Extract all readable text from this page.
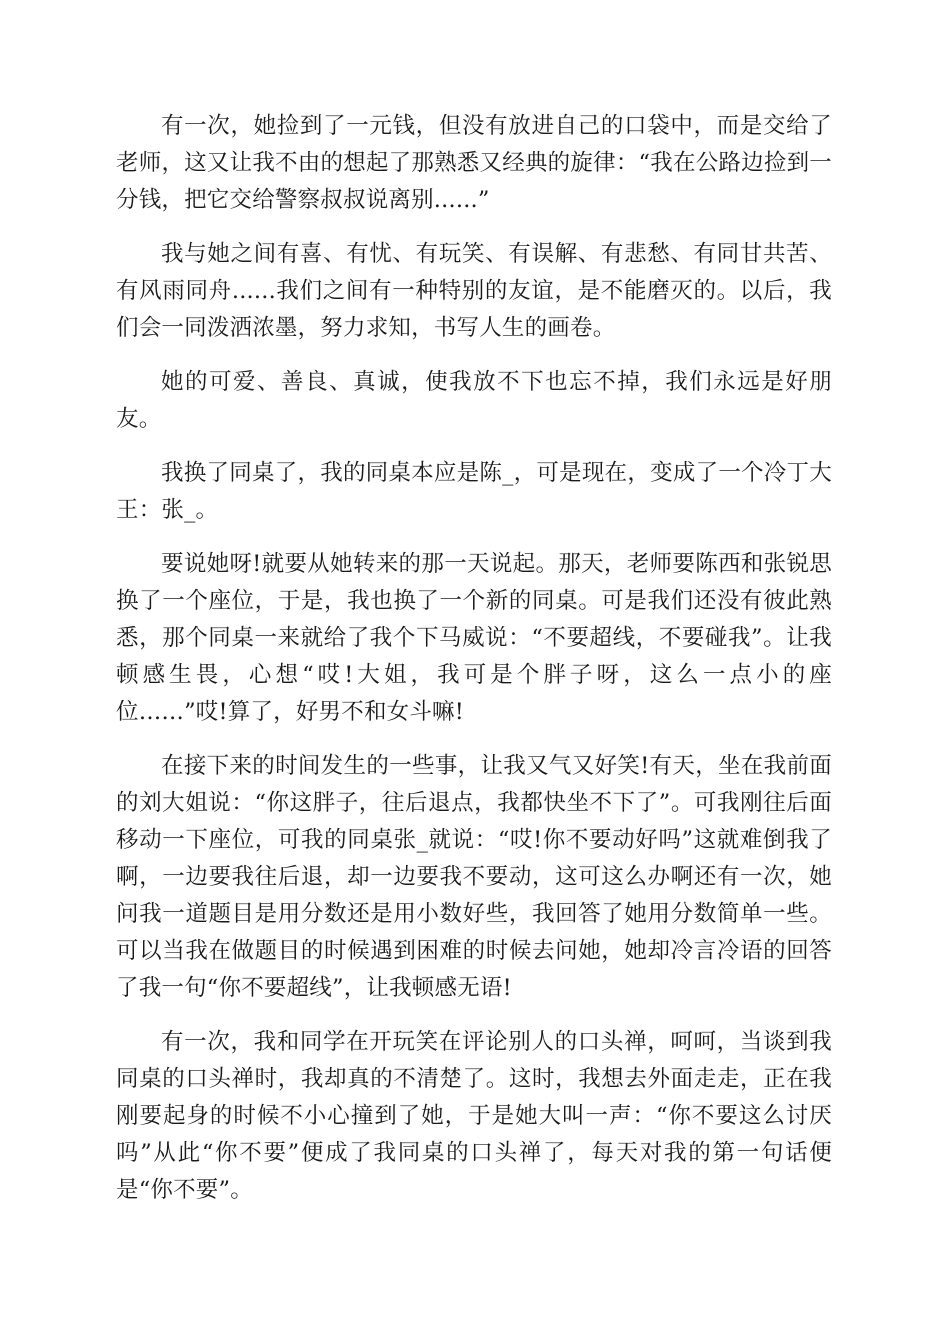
有一次，她捡到了一元钱，但没有放进自己的口袋中，而是交给了老师，这又让我不由的想起了那熟悉又经典的旋律：“我在公路边捡到一分钱，把它交给警察叔叔说离别......”

我与她之间有喜、有忧、有玩笑、有误解、有悲愁、有同甘共苦、有风雨同舟......我们之间有一种特别的友谊，是不能磨灭的。以后，我们会一同泼洒浓墨，努力求知，书写人生的画卷。

她的可爱、善良、真诚，使我放不下也忘不掉，我们永远是好朋友。

我换了同桌了，我的同桌本应是陈_，可是现在，变成了一个冷丁大王：张_。

要说她呀!就要从她转来的那一天说起。那天，老师要陈西和张锐思换了一个座位，于是，我也换了一个新的同桌。可是我们还没有彼此熟悉，那个同桌一来就给了我个下马威说：“不要超线，不要碰我”。让我顿感生畏，心想“哎!大姐，我可是个胖子呀，这么一点小的座位……”哎!算了，好男不和女斗嘛!

在接下来的时间发生的一些事，让我又气又好笑!有天，坐在我前面的刘大姐说：“你这胖子，往后退点，我都快坐不下了”。可我刚往后面移动一下座位，可我的同桌张_就说：“哎!你不要动好吗”这就难倒我了啊，一边要我往后退，却一边要我不要动，这可这么办啊还有一次，她问我一道题目是用分数还是用小数好些，我回答了她用分数简单一些。可以当我在做题目的时候遇到困难的时候去问她，她却冷言冷语的回答了我一句“你不要超线”，让我顿感无语!

有一次，我和同学在开玩笑在评论别人的口头禅，呵呵，当谈到我同桌的口头禅时，我却真的不清楚了。这时，我想去外面走走，正在我刚要起身的时候不小心撞到了她，于是她大叫一声：“你不要这么讨厌吗”从此“你不要”便成了我同桌的口头禅了，每天对我的第一句话便是“你不要”。
